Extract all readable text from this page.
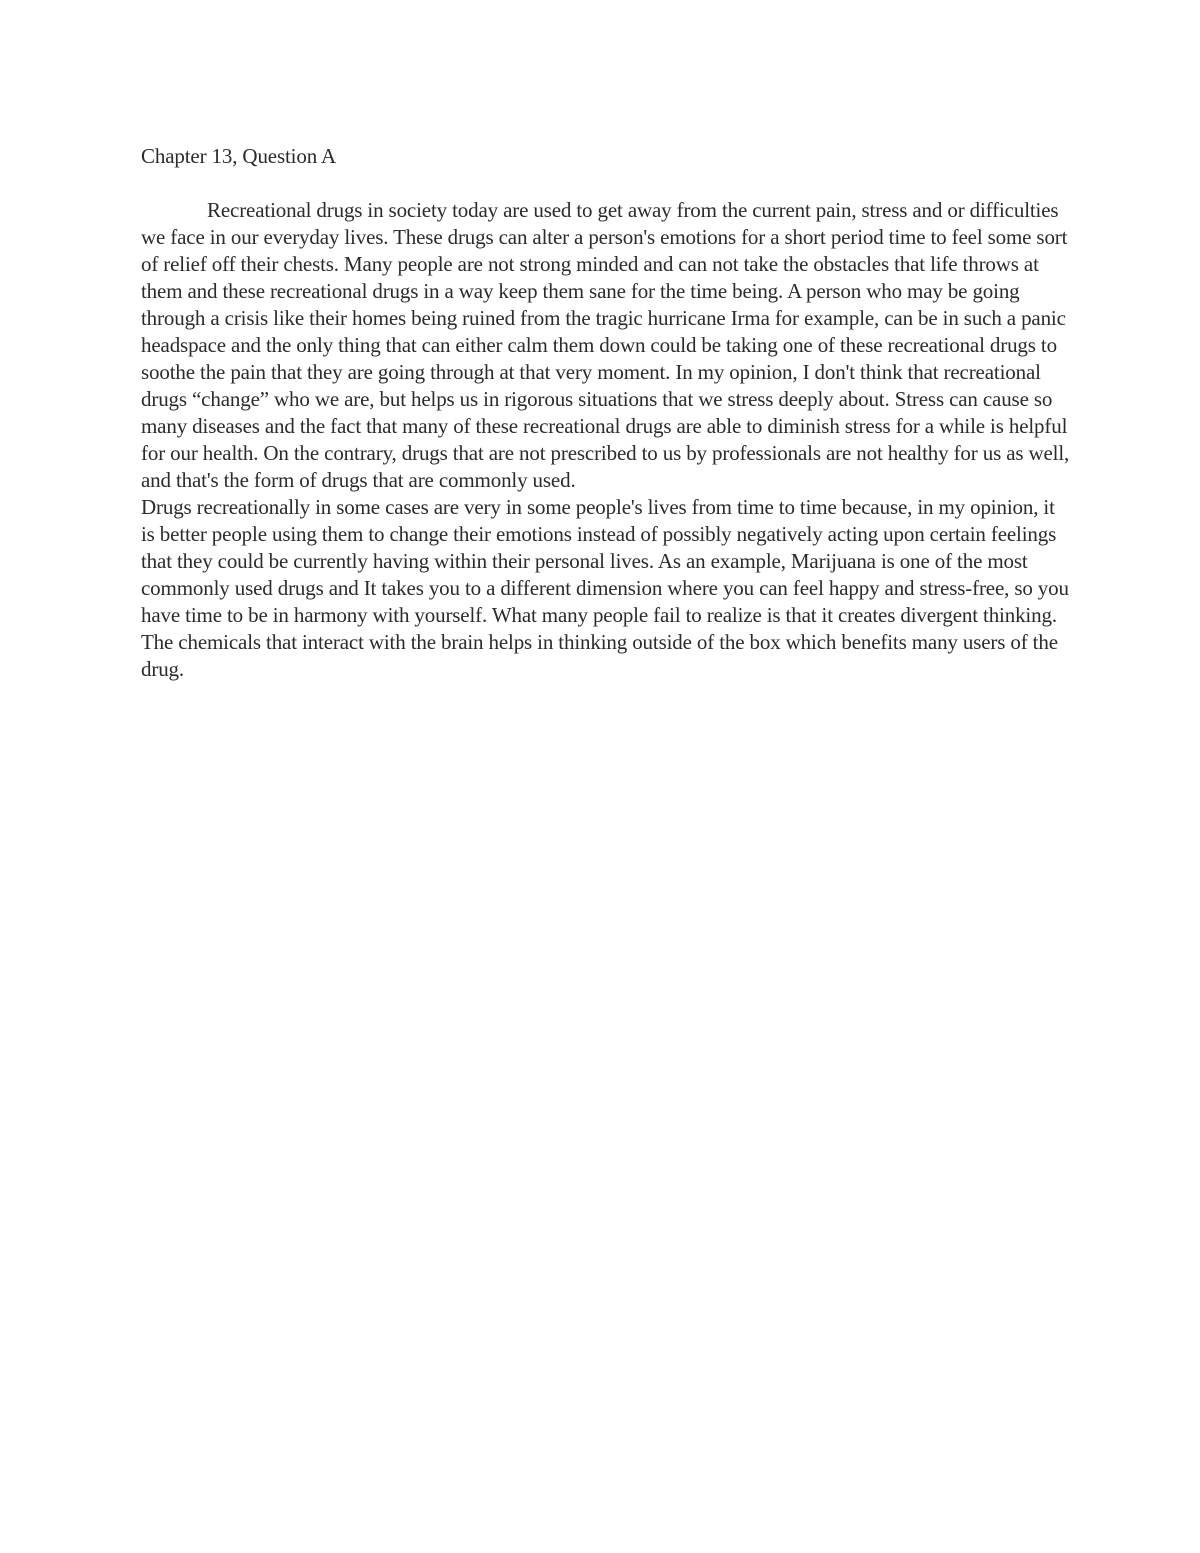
Chapter 13, Question A

Recreational drugs in society today are used to get away from the current pain, stress and or difficulties we face in our everyday lives. These drugs can alter a person's emotions for a short period time to feel some sort of relief off their chests. Many people are not strong minded and can not take the obstacles that life throws at them and these recreational drugs in a way keep them sane for the time being. A person who may be going through a crisis like their homes being ruined from the tragic hurricane Irma for example, can be in such a panic headspace and the only thing that can either calm them down could be taking one of these recreational drugs to soothe the pain that they are going through at that very moment. In my opinion, I don't think that recreational drugs “change” who we are, but helps us in rigorous situations that we stress deeply about. Stress can cause so many diseases and the fact that many of these recreational drugs are able to diminish stress for a while is helpful for our health. On the contrary, drugs that are not prescribed to us by professionals are not healthy for us as well, and that's the form of drugs that are commonly used.

Drugs recreationally in some cases are very in some people's lives from time to time because, in my opinion, it is better people using them to change their emotions instead of possibly negatively acting upon certain feelings that they could be currently having within their personal lives. As an example, Marijuana is one of the most commonly used drugs and It takes you to a different dimension where you can feel happy and stress-free, so you have time to be in harmony with yourself. What many people fail to realize is that it creates divergent thinking. The chemicals that interact with the brain helps in thinking outside of the box which benefits many users of the drug.
